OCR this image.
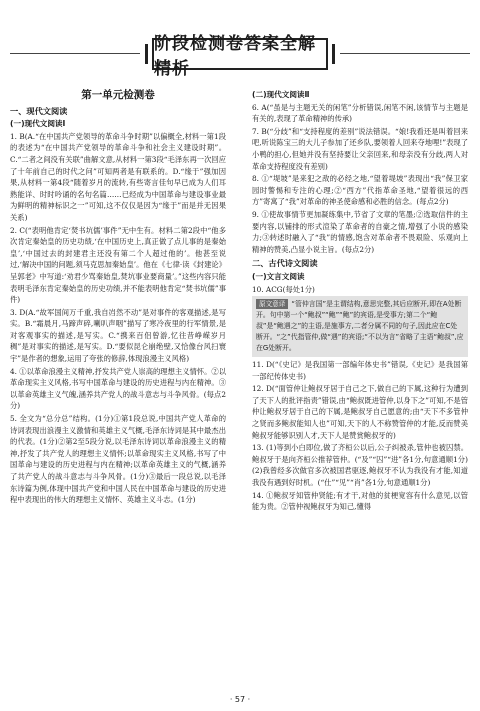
阶段检测卷答案全解精析
第一单元检测卷
一、现代文阅读
(一)现代文阅读Ⅰ
1. B(A.“在中国共产党领导的革命斗争时期”以偏概全,材料一第1段的表述为“在中国共产党领导的革命斗争和社会主义建设时期”。C.“二者之间没有关联”曲解文意,从材料一第3段“毛泽东再一次回应了十年前自己的时代之问”可知两者是有联系的。D.“缘于”强加因果,从材料一第4段“随着岁月的流转,有些寄言佳句早已成为人们耳熟能详、时时吟诵的名句名篇……已经成为中国革命与建设事业最为鲜明的精神标识之一”可知,这不仅仅是因为“缘于”而是并无因果关系)
2. C(“表明他肯定‘焚书坑儒’事件”无中生有。材料二第2段中“他多次肯定秦始皇的历史功绩,‘在中国历史上,真正做了点儿事的是秦始皇’,‘中国过去的封建君主还没有第二个人超过他的’。他甚至说过,‘解决中国的问题,须马克思加秦始皇’。他在《七律·读《封建论》呈郭老》中写道:‘劝君少骂秦始皇,焚坑事业要商量’。”这些内容只能表明毛泽东肯定秦始皇的历史功绩,并不能表明他肯定“焚书坑儒”事件)
3. D(A.“故军国间万千重,我自岿然不动”是对事件的客观描述,是写实。B.“霜晨月,马蹄声碎,喇叭声咽”描写了寒冷夜里的行军情景,是对客观事实的描述,是写实。C.“携来百侣曾游,忆往昔峥嵘岁月稠”是对事实的描述,是写实。D.“要似昆仑崩绝壁,又恰像台风扫寰宇”是作者的想象,运用了夸张的修辞,体现浪漫主义风格)
4. ①以革命浪漫主义精神,抒发共产党人崇高的理想主义情怀。②以革命现实主义风格,书写中国革命与建设的历史进程与内在精神。③以革命英雄主义气魄,涵养共产党人的战斗意志与斗争风骨。(每点2分)
5. 全文为“总分总”结构。(1分)①第1段总说,中国共产党人革命的诗词表现出浪漫主义激情和英雄主义气概,毛泽东诗词是其中最杰出的代表。(1分)②第2至5段分说,以毛泽东诗词以革命浪漫主义的精神,抒发了共产党人的理想主义情怀;以革命现实主义风格,书写了中国革命与建设的历史进程与内在精神;以革命英雄主义的气概,涵养了共产党人的战斗意志与斗争风骨。(1分)③最后一段总说,以毛泽东诗篇为例,体现中国共产党和中国人民在中国革命与建设的历史进程中表现出的伟大的理想主义情怀、英雄主义斗志。(1分)
(二)现代文阅读Ⅱ
6. A(“虽是与主题无关的闲笔”分析错误,闲笔不闲,该情节与主题是有关的,表现了革命精神的传承)
7. B(“分歧”和“支持程度的差别”说法错误。“娘!我看还是叫着回来吧,听说陈宝三的大儿子参加了还乡队,要领着人回来夺地哩!”表现了小鸭的担心,但她并没有坚持要让父亲回来,和母亲没有分歧,两人对革命支持程度没有差别)
8. ①“堤坡”是来犯之敌的必经之地,“望着堤坡”表现出“我”保卫家园时警惕和专注的心理;②“西方”代指革命圣地,“望着很远的西方”寄寓了“我”对革命的神圣使命感和必胜的信念。(每点2分)
9. ①使故事情节更加凝练集中,节省了文章的笔墨;②选取信件的主要内容,以铺排的形式渲染了革命者的自豪之情,增强了小说的感染力;③转述时融入了“我”的情感,饱含对革命者不畏艰险、乐观向上精神的赞美,凸显小说主旨。(每点2分)
二、古代诗文阅读
(一)文言文阅读
10. ACG(每处1分)
原文意译 “管仲言国”是主谓结构,意思完整,其后应断开,即在A处断开。句中第一个“鲍叔”“鲍”“鲍”的宾语,是受事方;第二个“鲍叔”是“鲍遇之”的主语,是施事方,二者分属不同的句子,因此应在C处断开。“之”代指管仲,做“遇”的宾语;“不以为言”省略了主语“鲍叔”,应在G处断开。
11. D(“《史记》是我国第一部编年体史书”错误,《史记》是我国第一部纪传体史书)
12. D(“面管仲让鲍叔牙居于自己之下,做自己的下属,这种行为遭到了天下人的批评指责”错误,由“鲍叔既进管仲,以身下之”可知,不是管仲让鲍叔牙居于自己的下属,是鲍叔牙自己愿意的;由“天下不多管仲之贤而多鲍叔能知人也”可知,天下的人不称赞管仲的才能,反而赞美鲍叔牙能够识别人才,天下人是赞赏鲍叔牙的)
13. (1)等到小白即位,做了齐桓公以后,公子纠被杀,管仲也被囚禁。鲍叔牙于是向齐桓公推荐管仲。(“及”“囚”“进”各1分,句意通顺1分)(2)我曾经多次做官多次被国君驱逐,鲍叔牙不认为我没有才能,知道我没有遇到好时机。(“仕”“见”“肖”各1分,句意通顺1分)
14. ①鲍叔牙知管仲贤能;有才干,对他的贫梗宽容有什么意见,以管能为贵。②管仲视鲍叔牙为知己,懂得
· 57 ·
